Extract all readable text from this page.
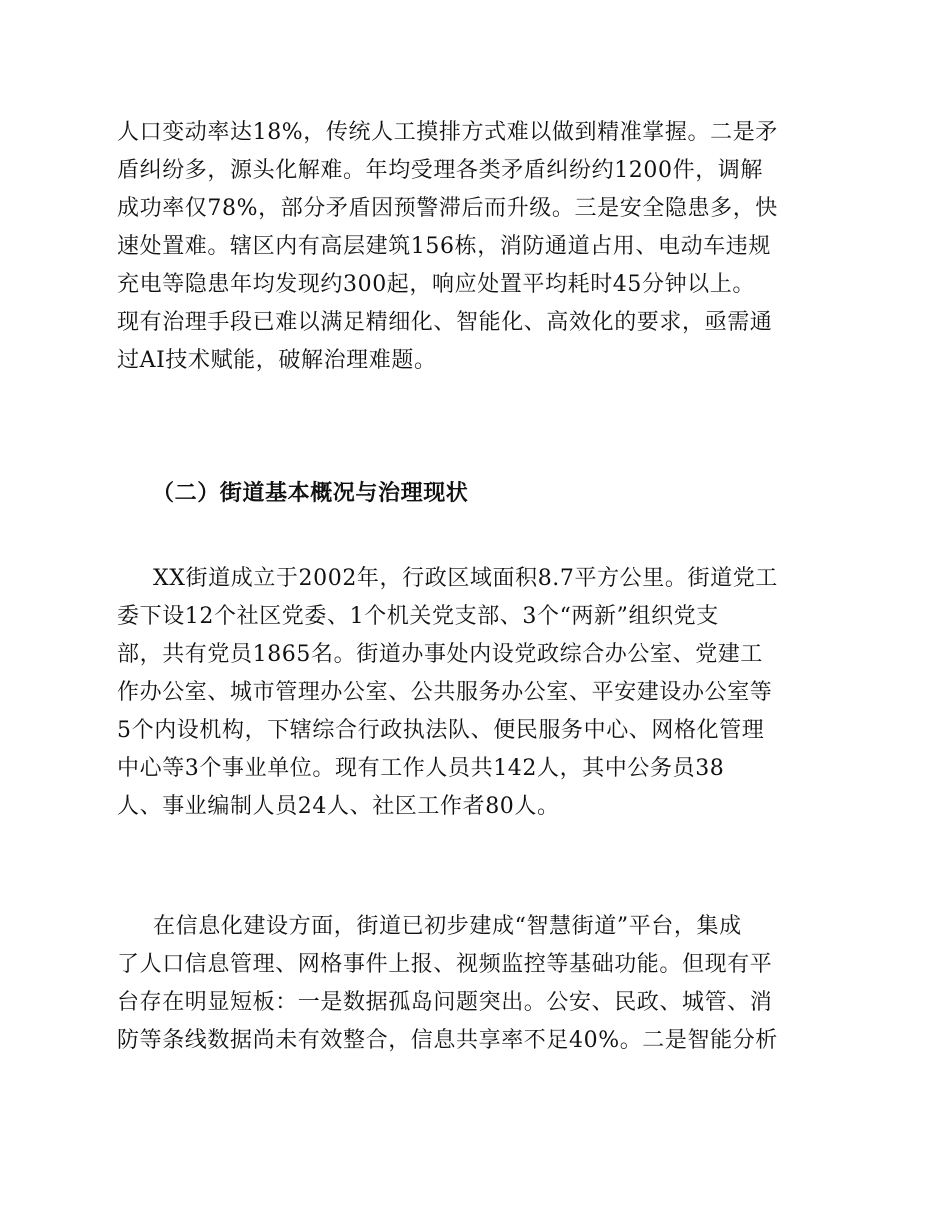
人口变动率达18%，传统人工摸排方式难以做到精准掌握。二是矛
盾纠纷多，源头化解难。年均受理各类矛盾纠纷约1200件，调解
成功率仅78%，部分矛盾因预警滞后而升级。三是安全隐患多，快
速处置难。辖区内有高层建筑156栋，消防通道占用、电动车违规
充电等隐患年均发现约300起，响应处置平均耗时45分钟以上。
现有治理手段已难以满足精细化、智能化、高效化的要求，亟需通
过AI技术赋能，破解治理难题。
（二）街道基本概况与治理现状
XX街道成立于2002年，行政区域面积8.7平方公里。街道党工
委下设12个社区党委、1个机关党支部、3个“两新”组织党支
部，共有党员1865名。街道办事处内设党政综合办公室、党建工
作办公室、城市管理办公室、公共服务办公室、平安建设办公室等
5个内设机构，下辖综合行政执法队、便民服务中心、网格化管理
中心等3个事业单位。现有工作人员共142人，其中公务员38
人、事业编制人员24人、社区工作者80人。
在信息化建设方面，街道已初步建成“智慧街道”平台，集成
了人口信息管理、网格事件上报、视频监控等基础功能。但现有平
台存在明显短板：一是数据孤岛问题突出。公安、民政、城管、消
防等条线数据尚未有效整合，信息共享率不足40%。二是智能分析
